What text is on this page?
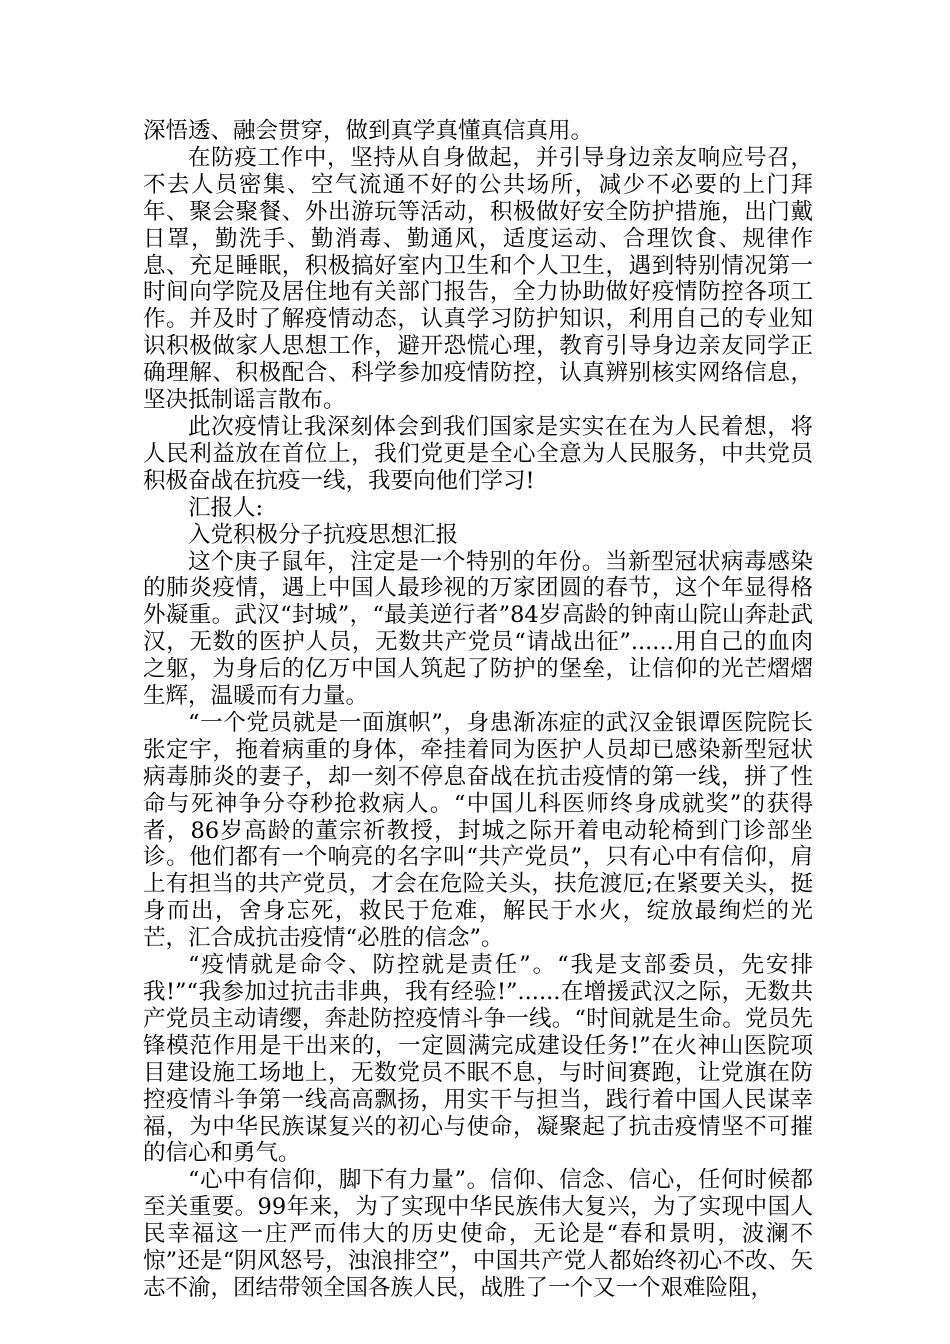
深悟透、融会贯穿，做到真学真懂真信真用。

在防疫工作中，坚持从自身做起，并引导身边亲友响应号召，不去人员密集、空气流通不好的公共场所，减少不必要的上门拜年、聚会聚餐、外出游玩等活动，积极做好安全防护措施，出门戴日罩，勤洗手、勤消毒、勤通风，适度运动、合理饮食、规律作息、充足睡眠，积极搞好室内卫生和个人卫生，遇到特别情况第一时间向学院及居住地有关部门报告，全力协助做好疫情防控各项工作。并及时了解疫情动态，认真学习防护知识，利用自己的专业知识积极做家人思想工作，避开恐慌心理，教育引导身边亲友同学正确理解、积极配合、科学参加疫情防控，认真辨别核实网络信息，坚决抵制谣言散布。

此次疫情让我深刻体会到我们国家是实实在在为人民着想，将人民利益放在首位上，我们党更是全心全意为人民服务，中共党员积极奋战在抗疫一线，我要向他们学习!

汇报人:

入党积极分子抗疫思想汇报

这个庚子鼠年，注定是一个特别的年份。当新型冠状病毒感染的肺炎疫情，遇上中国人最珍视的万家团圆的春节，这个年显得格外凝重。武汉“封城”，“最美逆行者”84岁高龄的钟南山院山奔赴武汉，无数的医护人员，无数共产党员“请战出征”......用自己的血肉之躯，为身后的亿万中国人筑起了防护的堡垒，让信仰的光芒熠熠生辉，温暖而有力量。

“一个党员就是一面旗帜”，身患渐冻症的武汉金银谭医院院长张定宇，拖着病重的身体，牵挂着同为医护人员却已感染新型冠状病毒肺炎的妻子，却一刻不停息奋战在抗击疫情的第一线，拼了性命与死神争分夺秒抢救病人。“中国儿科医师终身成就奖”的获得者，86岁高龄的董宗祈教授，封城之际开着电动轮椅到门诊部坐诊。他们都有一个响亮的名字叫“共产党员”，只有心中有信仰，肩上有担当的共产党员，才会在危险关头，扶危渡厄;在紧要关头，挺身而出，舍身忘死，救民于危难，解民于水火，绽放最绚烂的光芒，汇合成抗击疫情“必胜的信念”。

“疫情就是命令、防控就是责任”。“我是支部委员，先安排我!”“我参加过抗击非典，我有经验!”......在增援武汉之际，无数共产党员主动请缨，奔赴防控疫情斗争一线。“时间就是生命。党员先锋模范作用是干出来的，一定圆满完成建设任务!”在火神山医院项目建设施工场地上，无数党员不眠不息，与时间赛跑，让党旗在防控疫情斗争第一线高高飘扬，用实干与担当，践行着中国人民谋幸福，为中华民族谋复兴的初心与使命，凝聚起了抗击疫情坚不可摧的信心和勇气。

“心中有信仰，脚下有力量”。信仰、信念、信心，任何时候都至关重要。99年来，为了实现中华民族伟大复兴，为了实现中国人民幸福这一庄严而伟大的历史使命，无论是“春和景明，波澜不惊”还是“阴风怒号，浊浪排空”，中国共产党人都始终初心不改、矢志不渝，团结带领全国各族人民，战胜了一个又一个艰难险阻，
